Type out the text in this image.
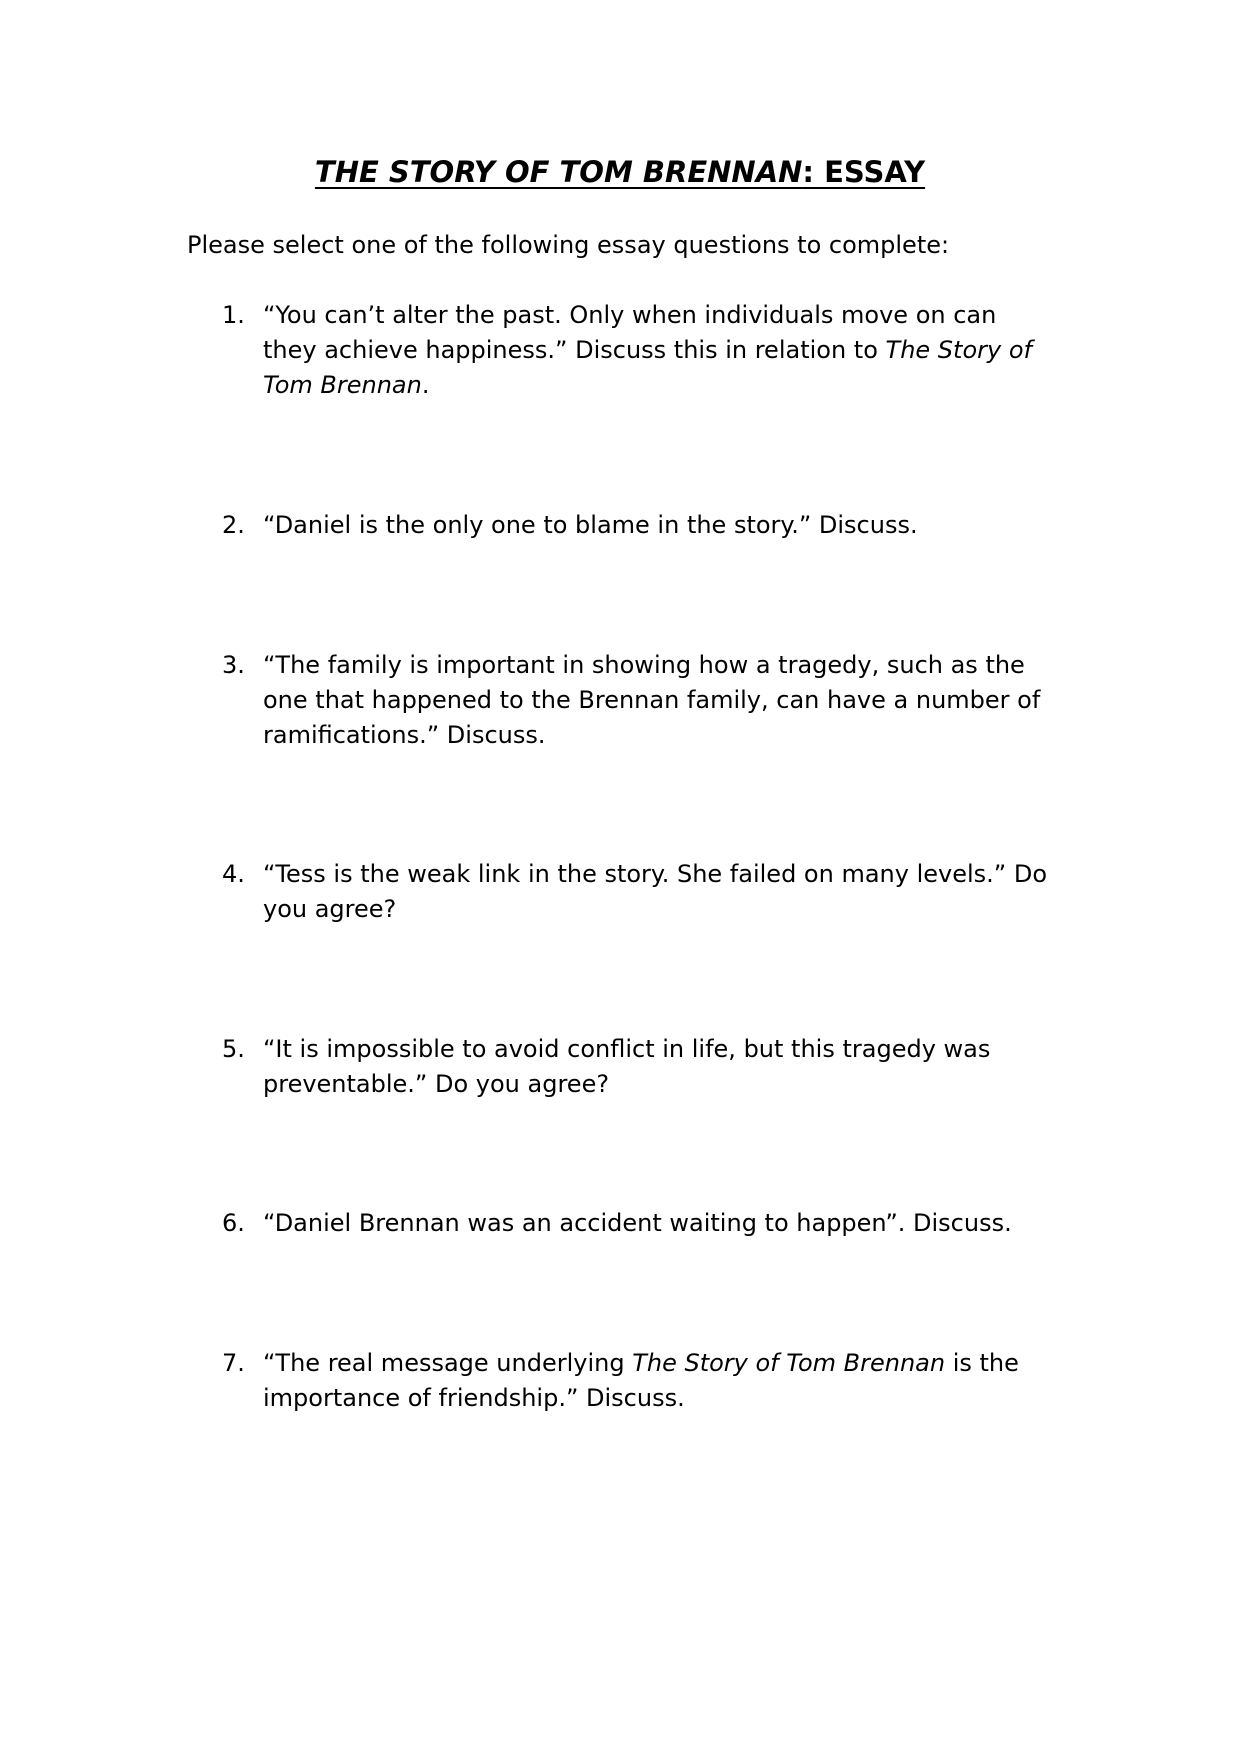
THE STORY OF TOM BRENNAN: ESSAY
Please select one of the following essay questions to complete:
1. “You can’t alter the past. Only when individuals move on can they achieve happiness.” Discuss this in relation to The Story of Tom Brennan.
2. “Daniel is the only one to blame in the story.” Discuss.
3. “The family is important in showing how a tragedy, such as the one that happened to the Brennan family, can have a number of ramifications.” Discuss.
4. “Tess is the weak link in the story. She failed on many levels.” Do you agree?
5. “It is impossible to avoid conflict in life, but this tragedy was preventable.” Do you agree?
6. “Daniel Brennan was an accident waiting to happen”. Discuss.
7. “The real message underlying The Story of Tom Brennan is the importance of friendship.” Discuss.
